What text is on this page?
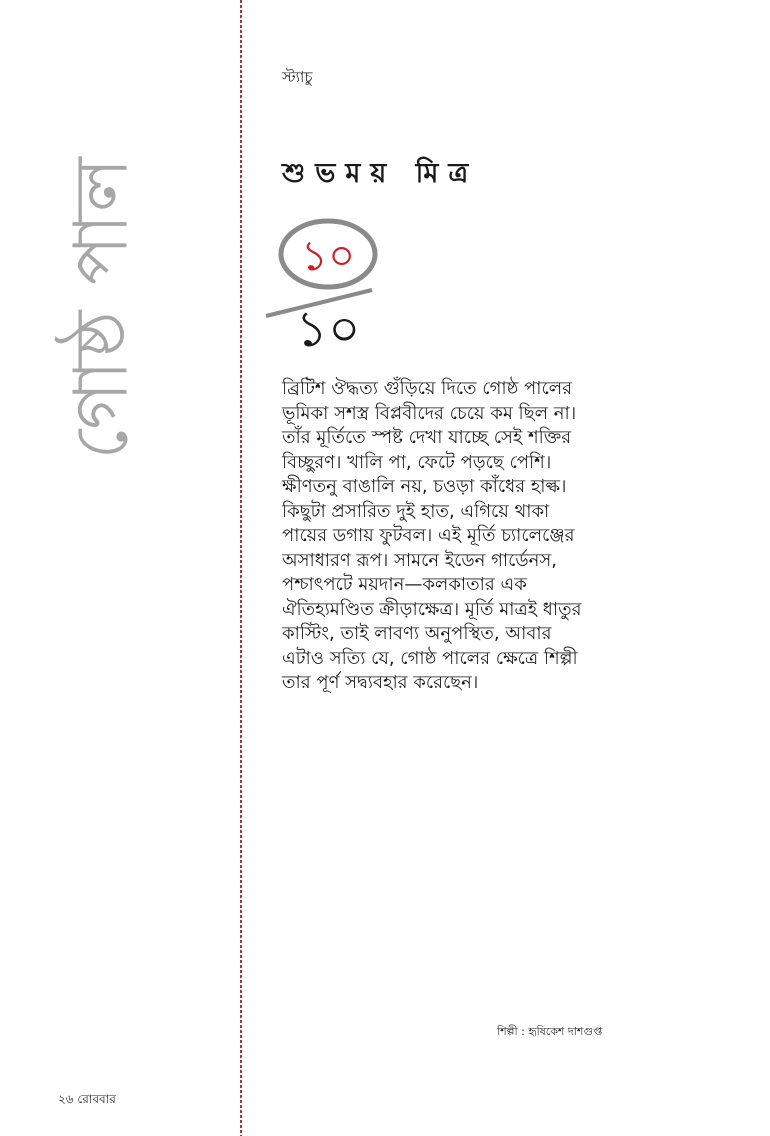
গোষ্ঠ পাল
স্ট্যাচু
শুভময় মিত্র
১০
১০
ব্রিটিশ ঔদ্ধত্য গুঁড়িয়ে দিতে গোষ্ঠ পালের ভূমিকা সশস্ত্র বিপ্লবীদের চেয়ে কম ছিল না। তাঁর মূর্তিতে স্পষ্ট দেখা যাচ্ছে সেই শক্তির বিচ্ছুরণ। খালি পা, ফেটে পড়ছে পেশি। ক্ষীণতনু বাঙালি নয়, চওড়া কাঁধের হাল্ক। কিছুটা প্রসারিত দুই হাত, এগিয়ে থাকা পায়ের ডগায় ফুটবল। এই মূর্তি চ্যালেঞ্জের অসাধারণ রূপ। সামনে ইডেন গার্ডেনস, পশ্চাৎপটে ময়দান—কলকাতার এক ঐতিহ্যমণ্ডিত ক্রীড়াক্ষেত্র। মূর্তি মাত্রই ধাতুর কাস্টিং, তাই লাবণ্য অনুপস্থিত, আবার এটাও সত্যি যে, গোষ্ঠ পালের ক্ষেত্রে শিল্পী তার পূর্ণ সদ্ব্যবহার করেছেন।
শিল্পী : হৃষিকেশ দাশগুপ্ত
২৬ রোববার
